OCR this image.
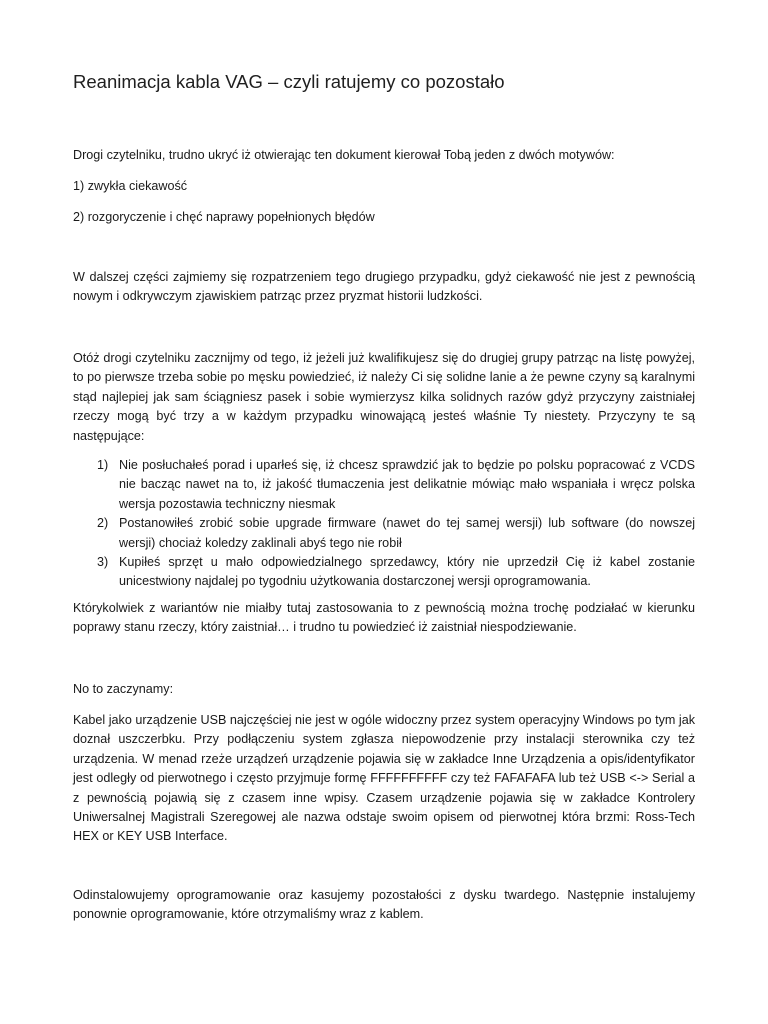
Reanimacja kabla VAG – czyli ratujemy co pozostało

Drogi czytelniku, trudno ukryć iż otwierając ten dokument kierował Tobą jeden z dwóch motywów:

1) zwykła ciekawość

2) rozgoryczenie i chęć naprawy popełnionych błędów

W dalszej części zajmiemy się rozpatrzeniem tego drugiego przypadku, gdyż ciekawość nie jest z pewnością nowym i odkrywczym zjawiskiem patrząc przez pryzmat historii ludzkości.

Otóż drogi czytelniku zacznijmy od tego, iż jeżeli już kwalifikujesz się do drugiej grupy patrząc na listę powyżej, to po pierwsze trzeba sobie po męsku powiedzieć, iż należy Ci się solidne lanie a że pewne czyny są karalnymi stąd najlepiej jak sam ściągniesz pasek i sobie wymierzysz kilka solidnych razów gdyż przyczyny zaistniałej rzeczy mogą być trzy a w każdym przypadku winowającą jesteś właśnie Ty niestety. Przyczyny te są następujące:

1) Nie posłuchałeś porad i uparłeś się, iż chcesz sprawdzić jak to będzie po polsku popracować z VCDS nie bacząc nawet na to, iż jakość tłumaczenia jest delikatnie mówiąc mało wspaniała i wręcz polska wersja pozostawia techniczny niesmak
2) Postanowiłeś zrobić sobie upgrade firmware (nawet do tej samej wersji) lub software (do nowszej wersji) chociaż koledzy zaklinali abyś tego nie robił
3) Kupiłeś sprzęt u mało odpowiedzialnego sprzedawcy, który nie uprzedził Cię iż kabel zostanie unicestwiony najdalej po tygodniu użytkowania dostarczonej wersji oprogramowania.

Którykolwiek z wariantów nie miałby tutaj zastosowania to z pewnością można trochę podziałać w kierunku poprawy stanu rzeczy, który zaistniał… i trudno tu powiedzieć iż zaistniał niespodziewanie.

No to zaczynamy:

Kabel jako urządzenie USB najczęściej nie jest w ogóle widoczny przez system operacyjny Windows po tym jak doznał uszczerbku. Przy podłączeniu system zgłasza niepowodzenie przy instalacji sterownika czy też urządzenia. W menad rzeże urządzeń urządzenie pojawia się w zakładce Inne Urządzenia a opis/identyfikator jest odległy od pierwotnego i często przyjmuje formę FFFFFFFFFF czy też FAFAFAFA lub też USB <-> Serial a z pewnością pojawią się z czasem inne wpisy. Czasem urządzenie pojawia się w zakładce Kontrolery Uniwersalnej Magistrali Szeregowej ale nazwa odstaje swoim opisem od pierwotnej która brzmi: Ross-Tech HEX or KEY USB Interface.

Odinstalowujemy oprogramowanie oraz kasujemy pozostałości z dysku twardego. Następnie instalujemy ponownie oprogramowanie, które otrzymaliśmy wraz z kablem.
